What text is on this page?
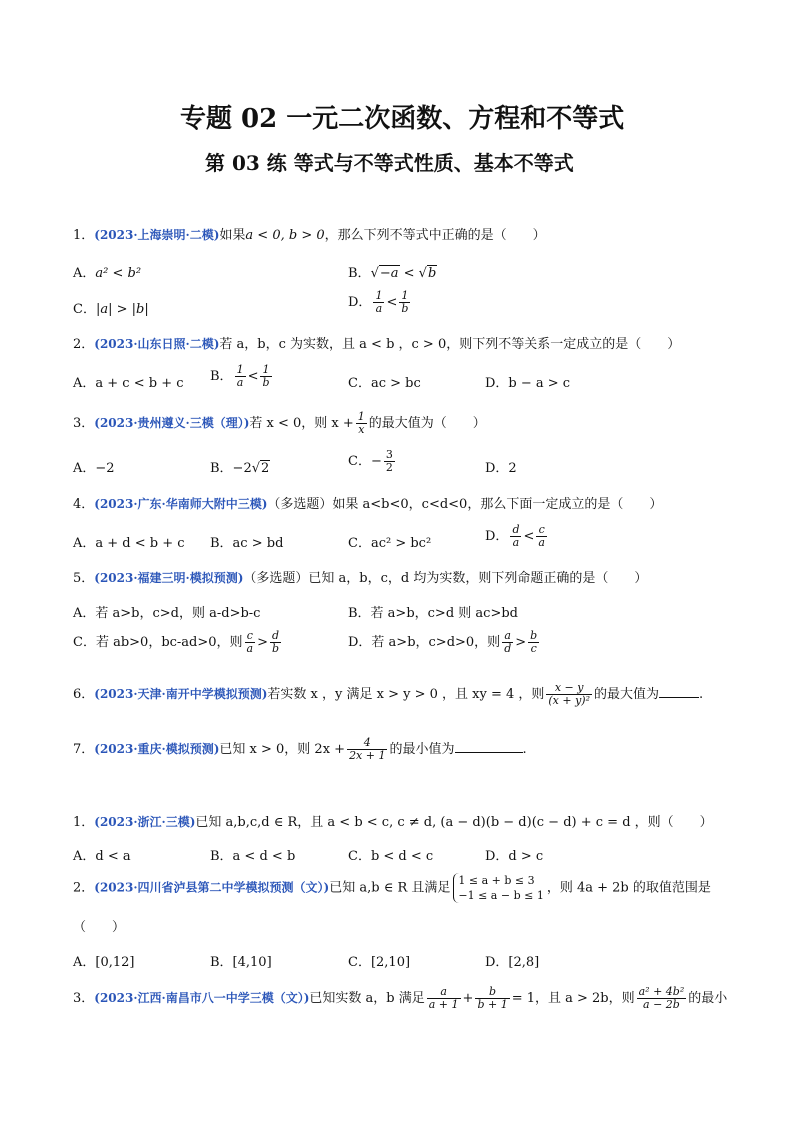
专题 02 一元二次函数、方程和不等式
第 03 练 等式与不等式性质、基本不等式
1．(2023·上海崇明·二模)如果a < 0, b > 0，那么下列不等式中正确的是（　　）
A．a² < b²	B．√−a < √b
C．|a| > |b|	D． $\frac{1}{a} < \frac{1}{b}$
2．(2023·山东日照·二模)若 a，b，c 为实数，且 a < b ，c > 0，则下列不等关系一定成立的是（　　）
A．a + c < b + c B． $\frac{1}{a} < \frac{1}{b}$	C．ac > bc	D．b − a > c
3．(2023·贵州遵义·三模（理）)若 x < 0，则 $x + \frac{1}{x}$ 的最大值为（　　）
A．−2	B．−2√2	C．− $\frac{3}{2}$	D．2
4．(2023·广东·华南师大附中三模)（多选题）如果 a<b<0，c<d<0，那么下面一定成立的是（　　）
A．a + d < b + c B．ac > bd	C．ac² > bc²	D． $\frac{d}{a} < \frac{c}{a}$
5．(2023·福建三明·模拟预测)（多选题）已知 a，b，c，d 均为实数，则下列命题正确的是（　　）
A．若 a>b，c>d，则 a-d>b-c	B．若 a>b，c>d 则 ac>bd
C．若 ab>0，bc-ad>0，则 $\frac{c}{a} > \frac{d}{b}$	D．若 a>b，c>d>0，则 $\frac{a}{d} > \frac{b}{c}$
6．(2023·天津·南开中学模拟预测)若实数 x ，y 满足 x > y > 0 ，且 xy = 4 ，则 $\frac{x - y}{\text{(x + y)²}}$ 的最大值为	.
7．(2023·重庆·模拟预测)已知 x > 0，则 $2x + \frac{4}{2x + 1}$ 的最小值为	.
1．(2023·浙江·三模)已知 a,b,c,d ∈ R，且 a < b < c, c ≠ d, (a − d)(b − d)(c − d) + c = d ，则（　　）
A．d < a	B．a < d < b	C．b < d < c	D．d > c
2．(2023·四川省泸县第二中学模拟预测（文）)已知 a,b ∈ R 且满足 1 ≤ a + b ≤ 3
−1 ≤ a − b ≤ 1 ，则 4a + 2b 的取值范围是
（　　）
A．[0,12]	B．[4,10]	C．[2,10]	D．[2,8]
3．(2023·江西·南昌市八一中学三模（文）)已知实数 a，b 满足 $\frac{a}{a + 1} + \frac{b}{b + 1} = 1$，且 a > 2b，则 $\frac{\text{a² + 4b²}}{a - 2b}$ 的最小
